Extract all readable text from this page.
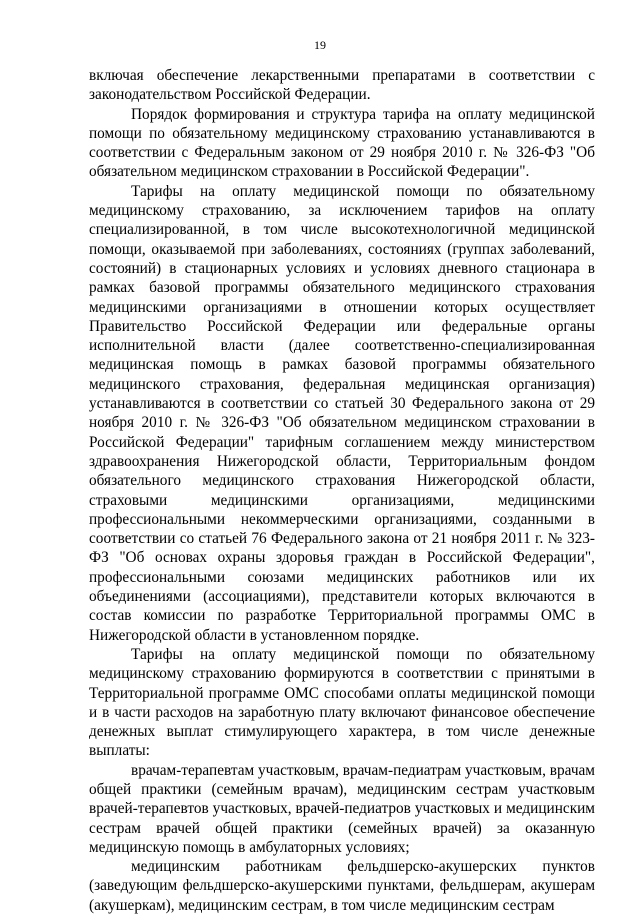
19

включая обеспечение лекарственными препаратами в соответствии с законодательством Российской Федерации.

Порядок формирования и структура тарифа на оплату медицинской помощи по обязательному медицинскому страхованию устанавливаются в соответствии с Федеральным законом от 29 ноября 2010 г. № 326-ФЗ "Об обязательном медицинском страховании в Российской Федерации".

Тарифы на оплату медицинской помощи по обязательному медицинскому страхованию, за исключением тарифов на оплату специализированной, в том числе высокотехнологичной медицинской помощи, оказываемой при заболеваниях, состояниях (группах заболеваний, состояний) в стационарных условиях и условиях дневного стационара в рамках базовой программы обязательного медицинского страхования медицинскими организациями в отношении которых осуществляет Правительство Российской Федерации или федеральные органы исполнительной власти (далее соответственно-специализированная медицинская помощь в рамках базовой программы обязательного медицинского страхования, федеральная медицинская организация) устанавливаются в соответствии со статьей 30 Федерального закона от 29 ноября 2010 г. № 326-ФЗ "Об обязательном медицинском страховании в Российской Федерации" тарифным соглашением между министерством здравоохранения Нижегородской области, Территориальным фондом обязательного медицинского страхования Нижегородской области, страховыми медицинскими организациями, медицинскими профессиональными некоммерческими организациями, созданными в соответствии со статьей 76 Федерального закона от 21 ноября 2011 г. № 323-ФЗ "Об основах охраны здоровья граждан в Российской Федерации", профессиональными союзами медицинских работников или их объединениями (ассоциациями), представители которых включаются в состав комиссии по разработке Территориальной программы ОМС в Нижегородской области в установленном порядке.

Тарифы на оплату медицинской помощи по обязательному медицинскому страхованию формируются в соответствии с принятыми в Территориальной программе ОМС способами оплаты медицинской помощи и в части расходов на заработную плату включают финансовое обеспечение денежных выплат стимулирующего характера, в том числе денежные выплаты:

врачам-терапевтам участковым, врачам-педиатрам участковым, врачам общей практики (семейным врачам), медицинским сестрам участковым врачей-терапевтов участковых, врачей-педиатров участковых и медицинским сестрам врачей общей практики (семейных врачей) за оказанную медицинскую помощь в амбулаторных условиях;

медицинским работникам фельдшерско-акушерских пунктов (заведующим фельдшерско-акушерскими пунктами, фельдшерам, акушерам (акушеркам), медицинским сестрам, в том числе медицинским сестрам
